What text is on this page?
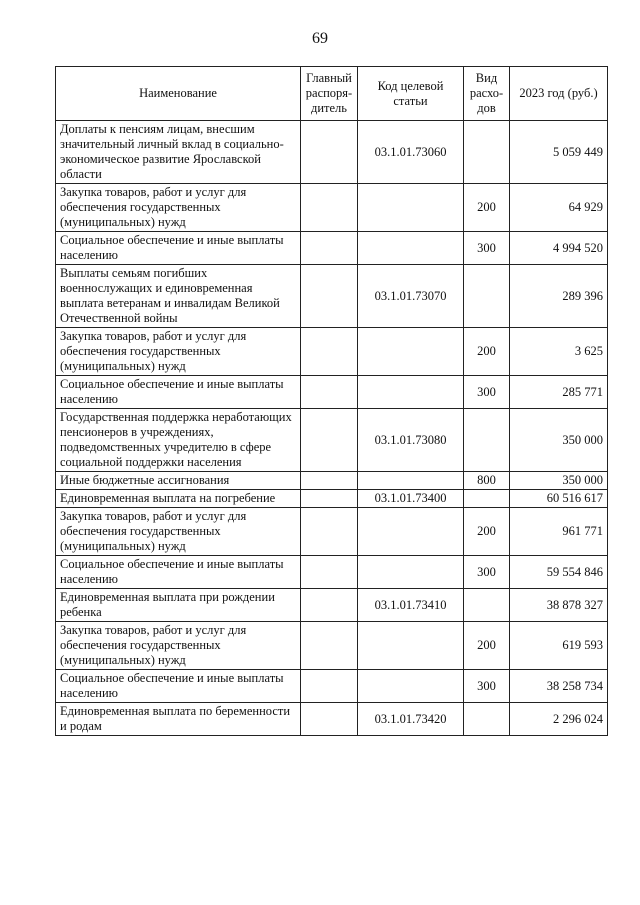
69
Наименование	Главный распоря-дитель	Код целевой статьи	Вид расхо-дов	2023 год (руб.)
Доплаты к пенсиям лицам, внесшим значительный личный вклад в социально-экономическое развитие Ярославской области		03.1.01.73060		5 059 449
Закупка товаров, работ и услуг для обеспечения государственных (муниципальных) нужд			200	64 929
Социальное обеспечение и иные выплаты населению			300	4 994 520
Выплаты семьям погибших военнослужащих и единовременная выплата ветеранам и инвалидам Великой Отечественной войны		03.1.01.73070		289 396
Закупка товаров, работ и услуг для обеспечения государственных (муниципальных) нужд			200	3 625
Социальное обеспечение и иные выплаты населению			300	285 771
Государственная поддержка неработающих пенсионеров в учреждениях, подведомственных учредителю в сфере социальной поддержки населения		03.1.01.73080		350 000
Иные бюджетные ассигнования			800	350 000
Единовременная выплата на погребение		03.1.01.73400		60 516 617
Закупка товаров, работ и услуг для обеспечения государственных (муниципальных) нужд			200	961 771
Социальное обеспечение и иные выплаты населению			300	59 554 846
Единовременная выплата при рождении ребенка		03.1.01.73410		38 878 327
Закупка товаров, работ и услуг для обеспечения государственных (муниципальных) нужд			200	619 593
Социальное обеспечение и иные выплаты населению			300	38 258 734
Единовременная выплата по беременности и родам		03.1.01.73420		2 296 024
